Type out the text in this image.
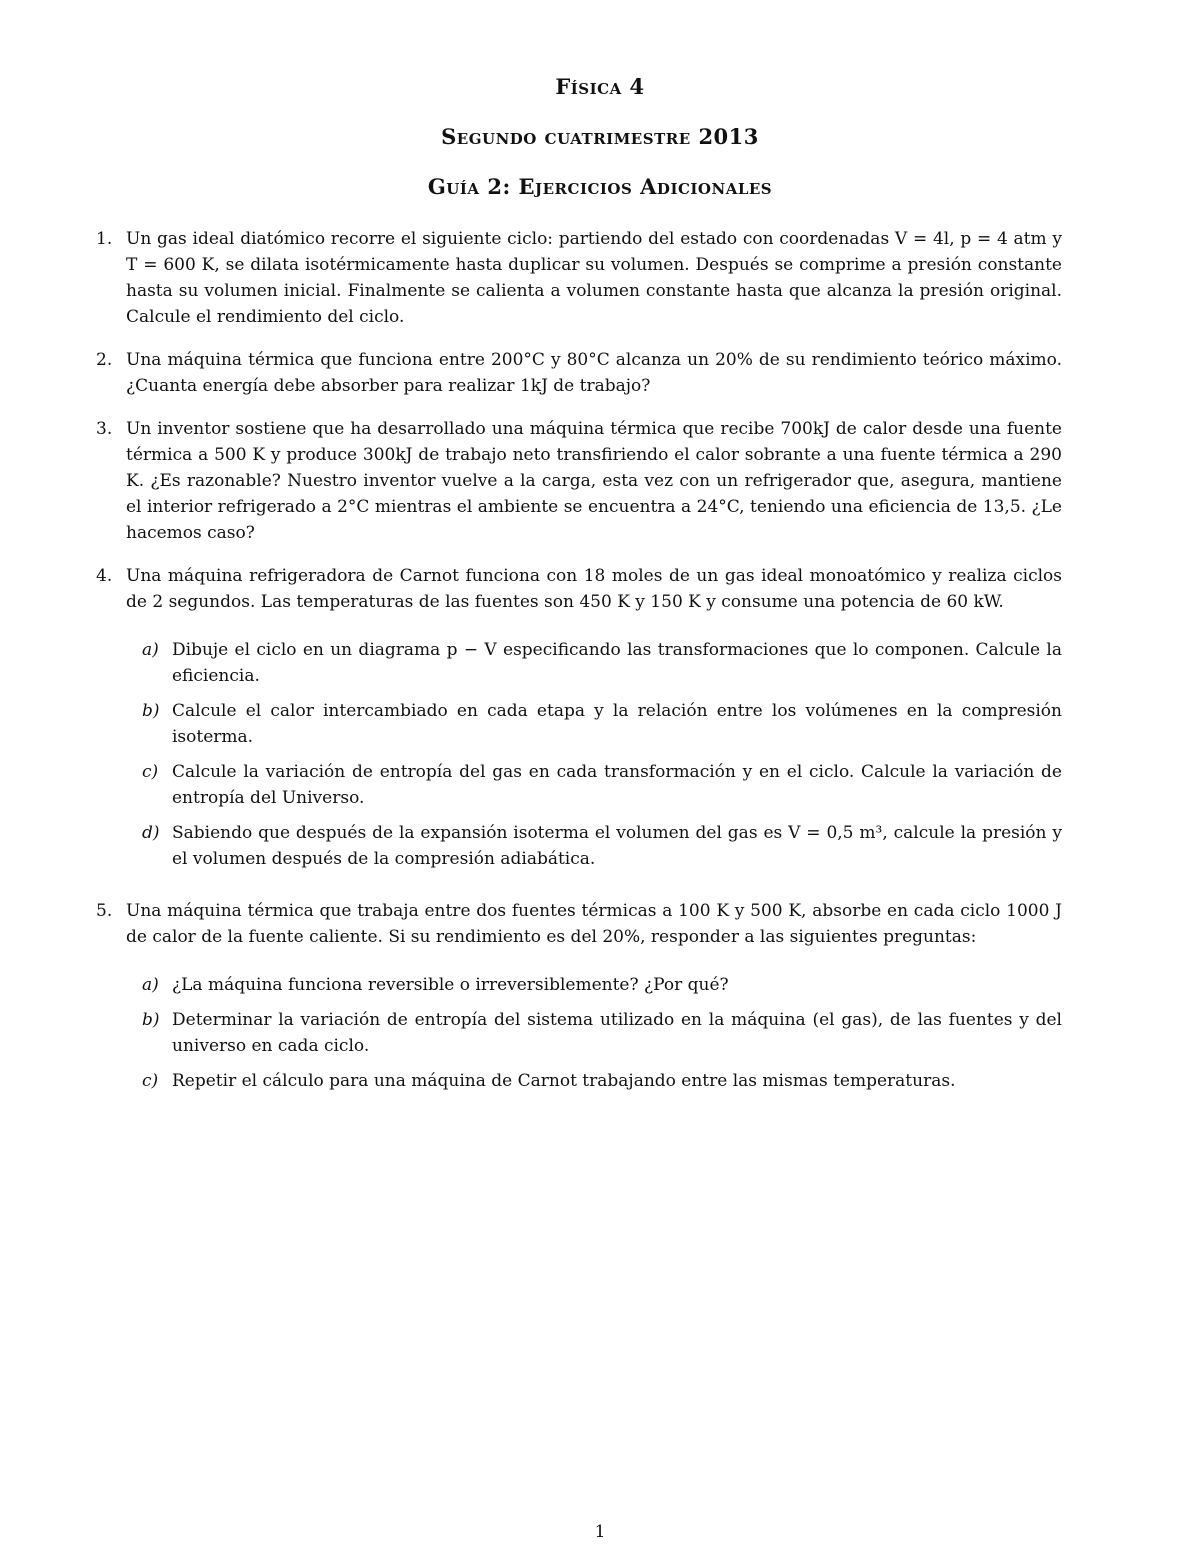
Física 4
Segundo cuatrimestre 2013
Guía 2: Ejercicios Adicionales
1. Un gas ideal diatómico recorre el siguiente ciclo: partiendo del estado con coordenadas V = 4l, p = 4 atm y T = 600 K, se dilata isotérmicamente hasta duplicar su volumen. Después se comprime a presión constante hasta su volumen inicial. Finalmente se calienta a volumen constante hasta que alcanza la presión original. Calcule el rendimiento del ciclo.

2. Una máquina térmica que funciona entre 200°C y 80°C alcanza un 20% de su rendimiento teórico máximo. ¿Cuanta energía debe absorber para realizar 1kJ de trabajo?

3. Un inventor sostiene que ha desarrollado una máquina térmica que recibe 700kJ de calor desde una fuente térmica a 500 K y produce 300kJ de trabajo neto transfiriendo el calor sobrante a una fuente térmica a 290 K. ¿Es razonable? Nuestro inventor vuelve a la carga, esta vez con un refrigerador que, asegura, mantiene el interior refrigerado a 2°C mientras el ambiente se encuentra a 24°C, teniendo una eficiencia de 13,5. ¿Le hacemos caso?

4. Una máquina refrigeradora de Carnot funciona con 18 moles de un gas ideal monoatómico y realiza ciclos de 2 segundos. Las temperaturas de las fuentes son 450 K y 150 K y consume una potencia de 60 kW.

a) Dibuje el ciclo en un diagrama p − V especificando las transformaciones que lo componen. Calcule la eficiencia.

b) Calcule el calor intercambiado en cada etapa y la relación entre los volúmenes en la compresión isoterma.

c) Calcule la variación de entropía del gas en cada transformación y en el ciclo. Calcule la variación de entropía del Universo.

d) Sabiendo que después de la expansión isoterma el volumen del gas es V = 0,5 m³, calcule la presión y el volumen después de la compresión adiabática.

5. Una máquina térmica que trabaja entre dos fuentes térmicas a 100 K y 500 K, absorbe en cada ciclo 1000 J de calor de la fuente caliente. Si su rendimiento es del 20%, responder a las siguientes preguntas:

a) ¿La máquina funciona reversible o irreversiblemente? ¿Por qué?

b) Determinar la variación de entropía del sistema utilizado en la máquina (el gas), de las fuentes y del universo en cada ciclo.

c) Repetir el cálculo para una máquina de Carnot trabajando entre las mismas temperaturas.

1
